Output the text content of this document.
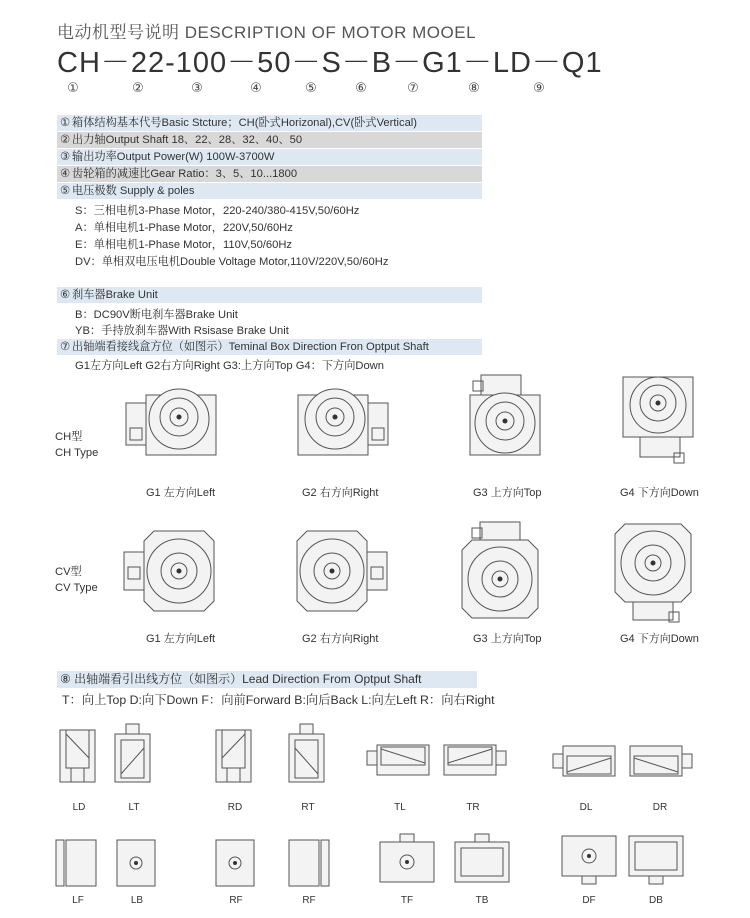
电动机型号说明 DESCRIPTION OF MOTOR MOOEL
CH－22-100－50－S－B－G1－LD－Q1
①	②	③	④	⑤	⑥	⑦	⑧	⑨
① 箱体结构基本代号Basic Stcture；CH(卧式Horizonal),CV(卧式Vertical)
② 出力轴Output Shaft 18、22、28、32、40、50
③ 输出功率Output Power(W) 100W-3700W
④ 齿轮箱的减速比Gear Ratio：3、5、10...1800
⑤ 电压极数 Supply & poles
S：三相电机3-Phase Motor，220-240/380-415V,50/60Hz
A：单相电机1-Phase Motor，220V,50/60Hz
E：单相电机1-Phase Motor，110V,50/60Hz
DV：单相双电压电机Double Voltage Motor,110V/220V,50/60Hz
⑥ 刹车器Brake Unit
B：DC90V断电刹车器Brake Unit
YB：手持放刹车器With Rsisase Brake Unit
⑦ 出轴端看接线盒方位（如图示）Teminal Box Direction Fron Optput Shaft
G1左方向Left G2右方向Right G3:上方向Top G4：下方向Down
CH型
CH Type
G1 左方向Left	G2 右方向Right	G3 上方向Top	G4 下方向Down
CV型
CV Type
G1 左方向Left	G2 右方向Right	G3 上方向Top	G4 下方向Down
⑧ 出轴端看引出线方位（如图示）Lead Direction From Optput Shaft
T：向上Top D:向下Down F：向前Forward B:向后Back L:向左Left R：向右Right
LD	LT	RD	RT	TL	TR	DL	DR
LF	LB	RF	RF	TF	TB	DF	DB
